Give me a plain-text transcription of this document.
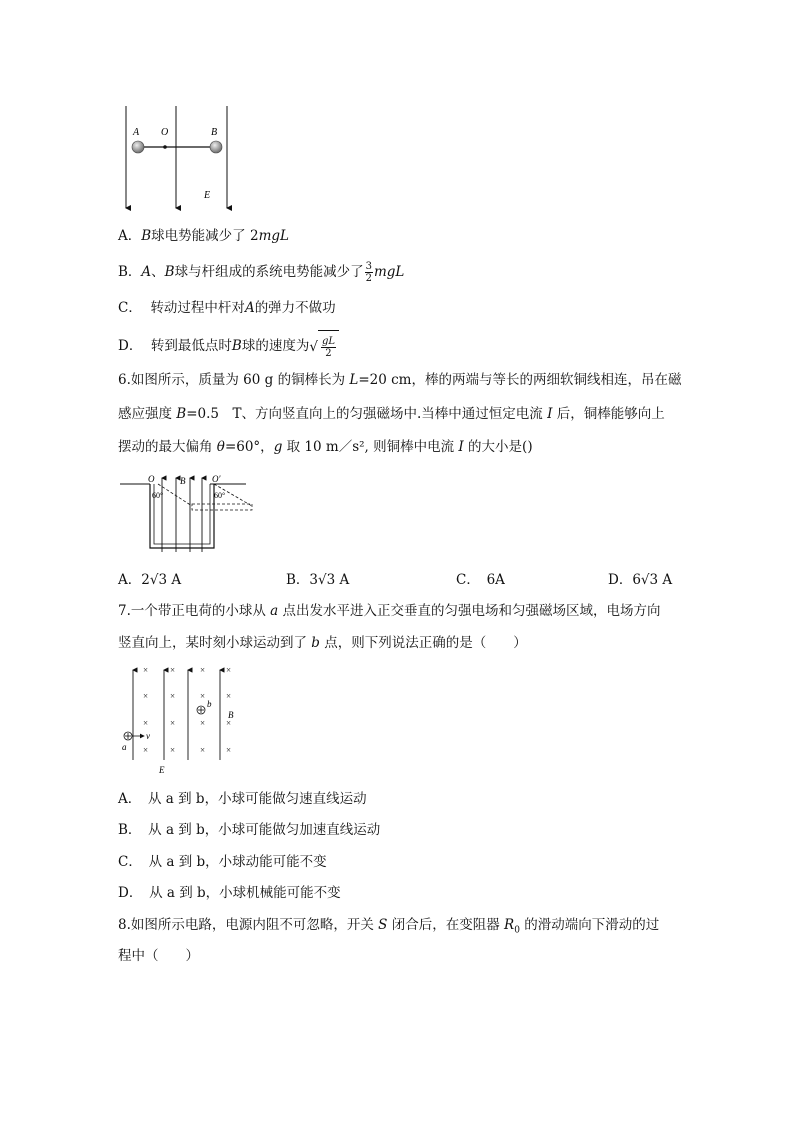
A O	B
E
A．B球电势能减少了 2mgL
B．A、B球与杆组成的系统电势能减少了 $\frac{3}{2}$ mgL
C． 转动过程中杆对A的弹力不做功
D． 转到最低点时B球的速度为√ $\frac{gL}{2}$
6.如图所示，质量为 60 g 的铜棒长为 L=20 cm，棒的两端与等长的两细软铜线相连，吊在磁
感应强度 B=0.5　T、方向竖直向上的匀强磁场中.当棒中通过恒定电流 I 后，铜棒能够向上
摆动的最大偏角 θ=60°，g 取 10 m／s², 则铜棒中电流 I 的大小是()
O
60°
B	O′
60°
A．2√3 A	B．3√3 A	C．　6A	D．6√3 A
7.一个带正电荷的小球从 a 点出发水平进入正交垂直的匀强电场和匀强磁场区域，电场方向
竖直向上，某时刻小球运动到了 b 点，则下列说法正确的是（　　）
× ×	× ×
× ×	× ×
× ×	× ×
× ×	× ×
a
v
b
B
E
A．　从 a 到 b，小球可能做匀速直线运动
B．　从 a 到 b，小球可能做匀加速直线运动
C．　从 a 到 b，小球动能可能不变
D．　从 a 到 b，小球机械能可能不变
8.如图所示电路，电源内阻不可忽略，开关 S 闭合后，在变阻器 $R_0$ 的滑动端向下滑动的过
程中（　　）
